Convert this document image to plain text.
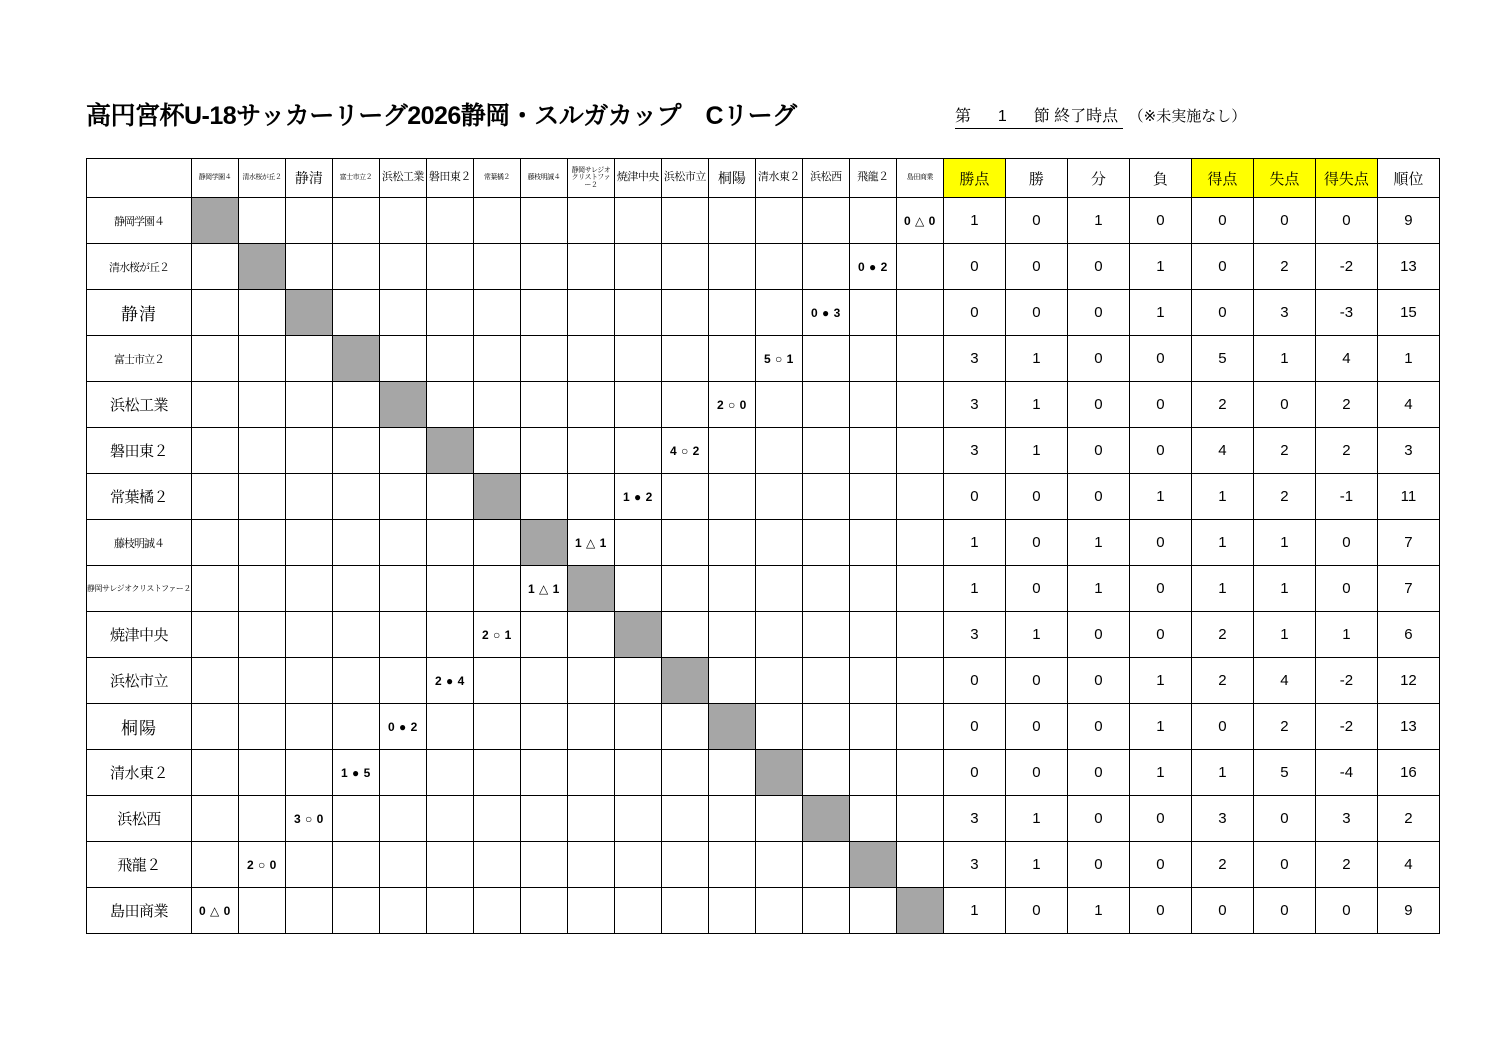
高円宮杯U-18サッカーリーグ2026静岡・スルガカップ　Cリーグ	第 1 節 終了時点 （※未実施なし）

	静岡学園４	清水桜が丘２	静清	富士市立２	浜松工業	磐田東２	常葉橘２	藤枝明誠４	静岡サレジオクリストファー２	焼津中央	浜松市立	桐陽	清水東２	浜松西	飛龍２	島田商業	勝点	勝	分	負	得点	失点	得失点	順位

静岡学園４																0 △ 0	1	0	1	0	0	0	0	9

清水桜が丘２															0 ● 2		0	0	0	1	0	2	-2	13

静清														0 ● 3			0	0	0	1	0	3	-3	15

富士市立２													5 ○ 1				3	1	0	0	5	1	4	1

浜松工業												2 ○ 0					3	1	0	0	2	0	2	4

磐田東２											4 ○ 2						3	1	0	0	4	2	2	3

常葉橘２										1 ● 2							0	0	0	1	1	2	-1	11

藤枝明誠４									1 △ 1								1	0	1	0	1	1	0	7

静岡サレジオクリストファー２								1 △ 1									1	0	1	0	1	1	0	7

焼津中央							2 ○ 1										3	1	0	0	2	1	1	6

浜松市立						2 ● 4											0	0	0	1	2	4	-2	12

桐陽					0 ● 2												0	0	0	1	0	2	-2	13

清水東２				1 ● 5													0	0	0	1	1	5	-4	16

浜松西			3 ○ 0														3	1	0	0	3	0	3	2

飛龍２		2 ○ 0															3	1	0	0	2	0	2	4

島田商業	0 △ 0																1	0	1	0	0	0	0	9
